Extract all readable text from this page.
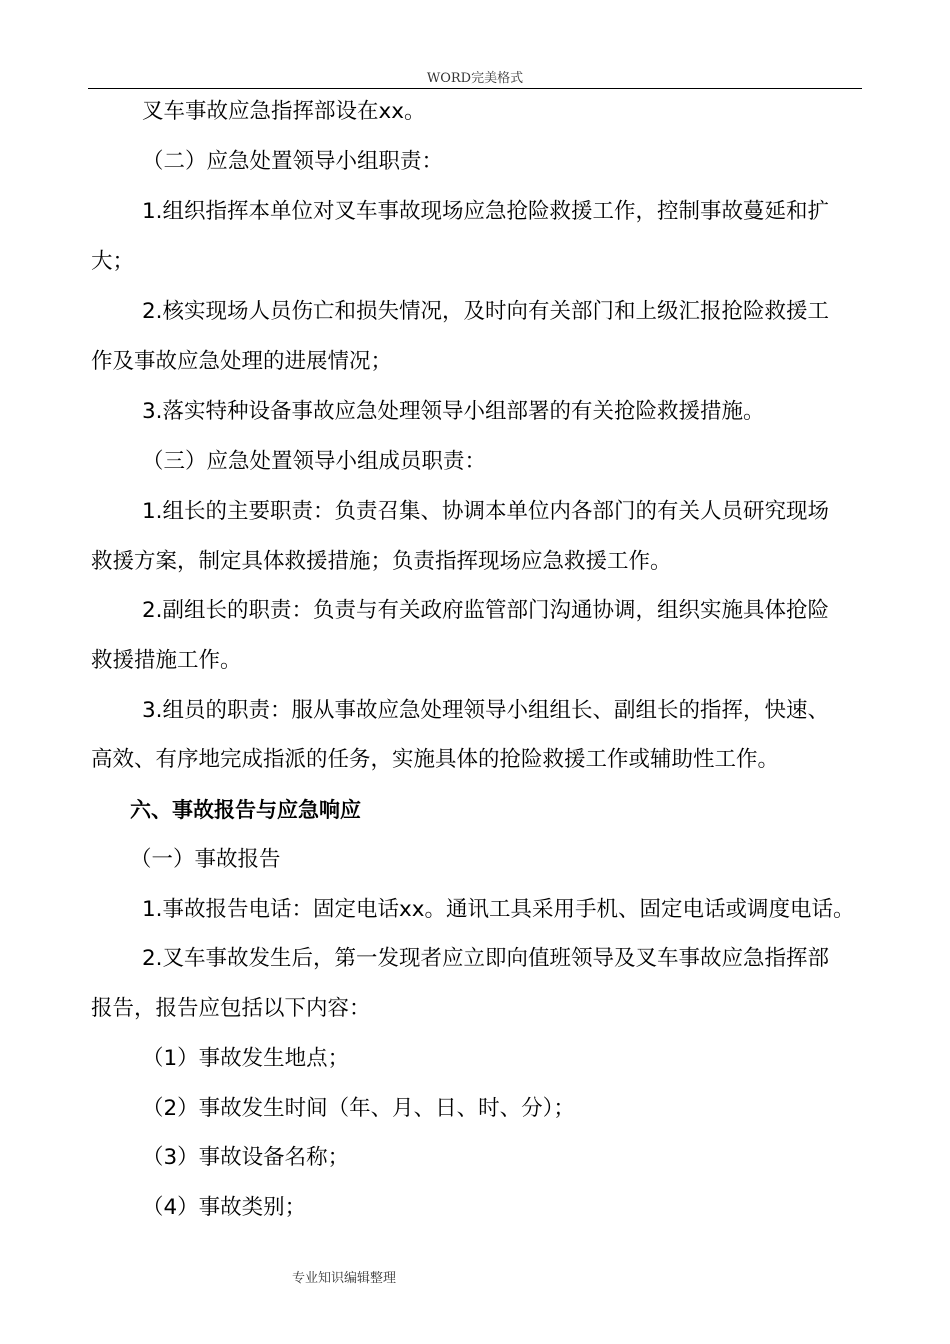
WORD完美格式
叉车事故应急指挥部设在xx。
（二）应急处置领导小组职责：
1.组织指挥本单位对叉车事故现场应急抢险救援工作，控制事故蔓延和扩
大；
2.核实现场人员伤亡和损失情况，及时向有关部门和上级汇报抢险救援工
作及事故应急处理的进展情况；
3.落实特种设备事故应急处理领导小组部署的有关抢险救援措施。
（三）应急处置领导小组成员职责：
1.组长的主要职责：负责召集、协调本单位内各部门的有关人员研究现场
救援方案，制定具体救援措施；负责指挥现场应急救援工作。
2.副组长的职责：负责与有关政府监管部门沟通协调，组织实施具体抢险
救援措施工作。
3.组员的职责：服从事故应急处理领导小组组长、副组长的指挥，快速、
高效、有序地完成指派的任务，实施具体的抢险救援工作或辅助性工作。
六、事故报告与应急响应
（一）事故报告
1.事故报告电话：固定电话xx。通讯工具采用手机、固定电话或调度电话。
2.叉车事故发生后，第一发现者应立即向值班领导及叉车事故应急指挥部
报告，报告应包括以下内容：
（1）事故发生地点；
（2）事故发生时间（年、月、日、时、分）；
（3）事故设备名称；
（4）事故类别；
专业知识编辑整理
